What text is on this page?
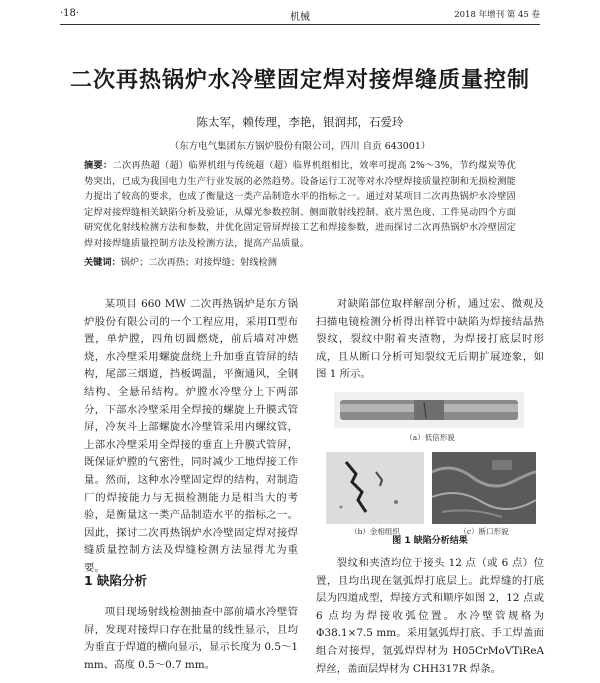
·18·	机械	2018 年增刊 第 45 卷
二次再热锅炉水冷壁固定焊对接焊缝质量控制
陈太军，赖传理，李艳，银润邦，石爱玲
（东方电气集团东方锅炉股份有限公司，四川 自贡 643001）
摘要：二次再热超（超）临界机组与传统超（超）临界机组相比，效率可提高 2%～3%，节约煤炭等优势突出，已成为我国电力生产行业发展的必然趋势。设备运行工况等对水冷壁焊接质量控制和无损检测能力提出了较高的要求，也成了衡量这一类产品制造水平的指标之一。通过对某项目二次再热锅炉水冷壁固定焊对接焊缝相关缺陷分析及验证，从爆光参数控制、侧面散射线控制、底片黑色度、工件晃动四个方面研究优化射线检测方法和参数，并优化固定管屏焊接工艺和焊接参数，进而探讨二次再热锅炉水冷壁固定焊对接焊缝质量控制方法及检测方法，提高产品质量。
关键词：锅炉；二次再热；对接焊缝；射线检测

某项目 660 MW 二次再热锅炉是东方锅炉股份有限公司的一个工程应用，采用Π型布置，单炉膛，四角切圆燃烧，前后墙对冲燃烧，水冷壁采用螺旋盘绕上升加垂直管屏的结构，尾部三烟道，挡板调温，平衡通风，全钢结构、全悬吊结构。炉膛水冷壁分上下两部分，下部水冷壁采用全焊接的螺旋上升膜式管屏，冷灰斗上部螺旋水冷壁管采用内螺纹管，上部水冷壁采用全焊接的垂直上升膜式管屏，既保证炉膛的气密性，同时减少工地焊接工作量。然而，这种水冷壁固定焊的结构，对制造厂的焊接能力与无损检测能力是相当大的考验，是衡量这一类产品制造水平的指标之一。因此，探讨二次再热锅炉水冷壁固定焊对接焊缝质量控制方法及焊缝检测方法显得尤为重要。

1 缺陷分析

项目现场射线检测抽查中部前墙水冷壁管屏，发现对接焊口存在批量的线性显示，且均为垂直于焊道的横向显示，显示长度为 0.5～1 mm、高度 0.5～0.7 mm。

对缺陷部位取样解剖分析，通过宏、微观及扫描电镜检测分析得出样管中缺陷为焊接结晶热裂纹，裂纹中附着夹渣物，为焊接打底层时形成，且从断口分析可知裂纹无后期扩展迹象，如图 1 所示。

（a）低倍形貌
（b）金相组织	（c）断口形貌
图 1 缺陷分析结果

裂纹和夹渣均位于接头 12 点（或 6 点）位置，且均出现在氩弧焊打底层上。此焊缝的打底层为四道成型，焊接方式和顺序如图 2，12 点或 6 点均为焊接收弧位置。水冷壁管规格为 Φ38.1×7.5 mm。采用氩弧焊打底、手工焊盖面组合对接焊，氩弧焊焊材为 H05CrMoVTiReA 焊丝，盖面层焊材为 CHH317R 焊条。
